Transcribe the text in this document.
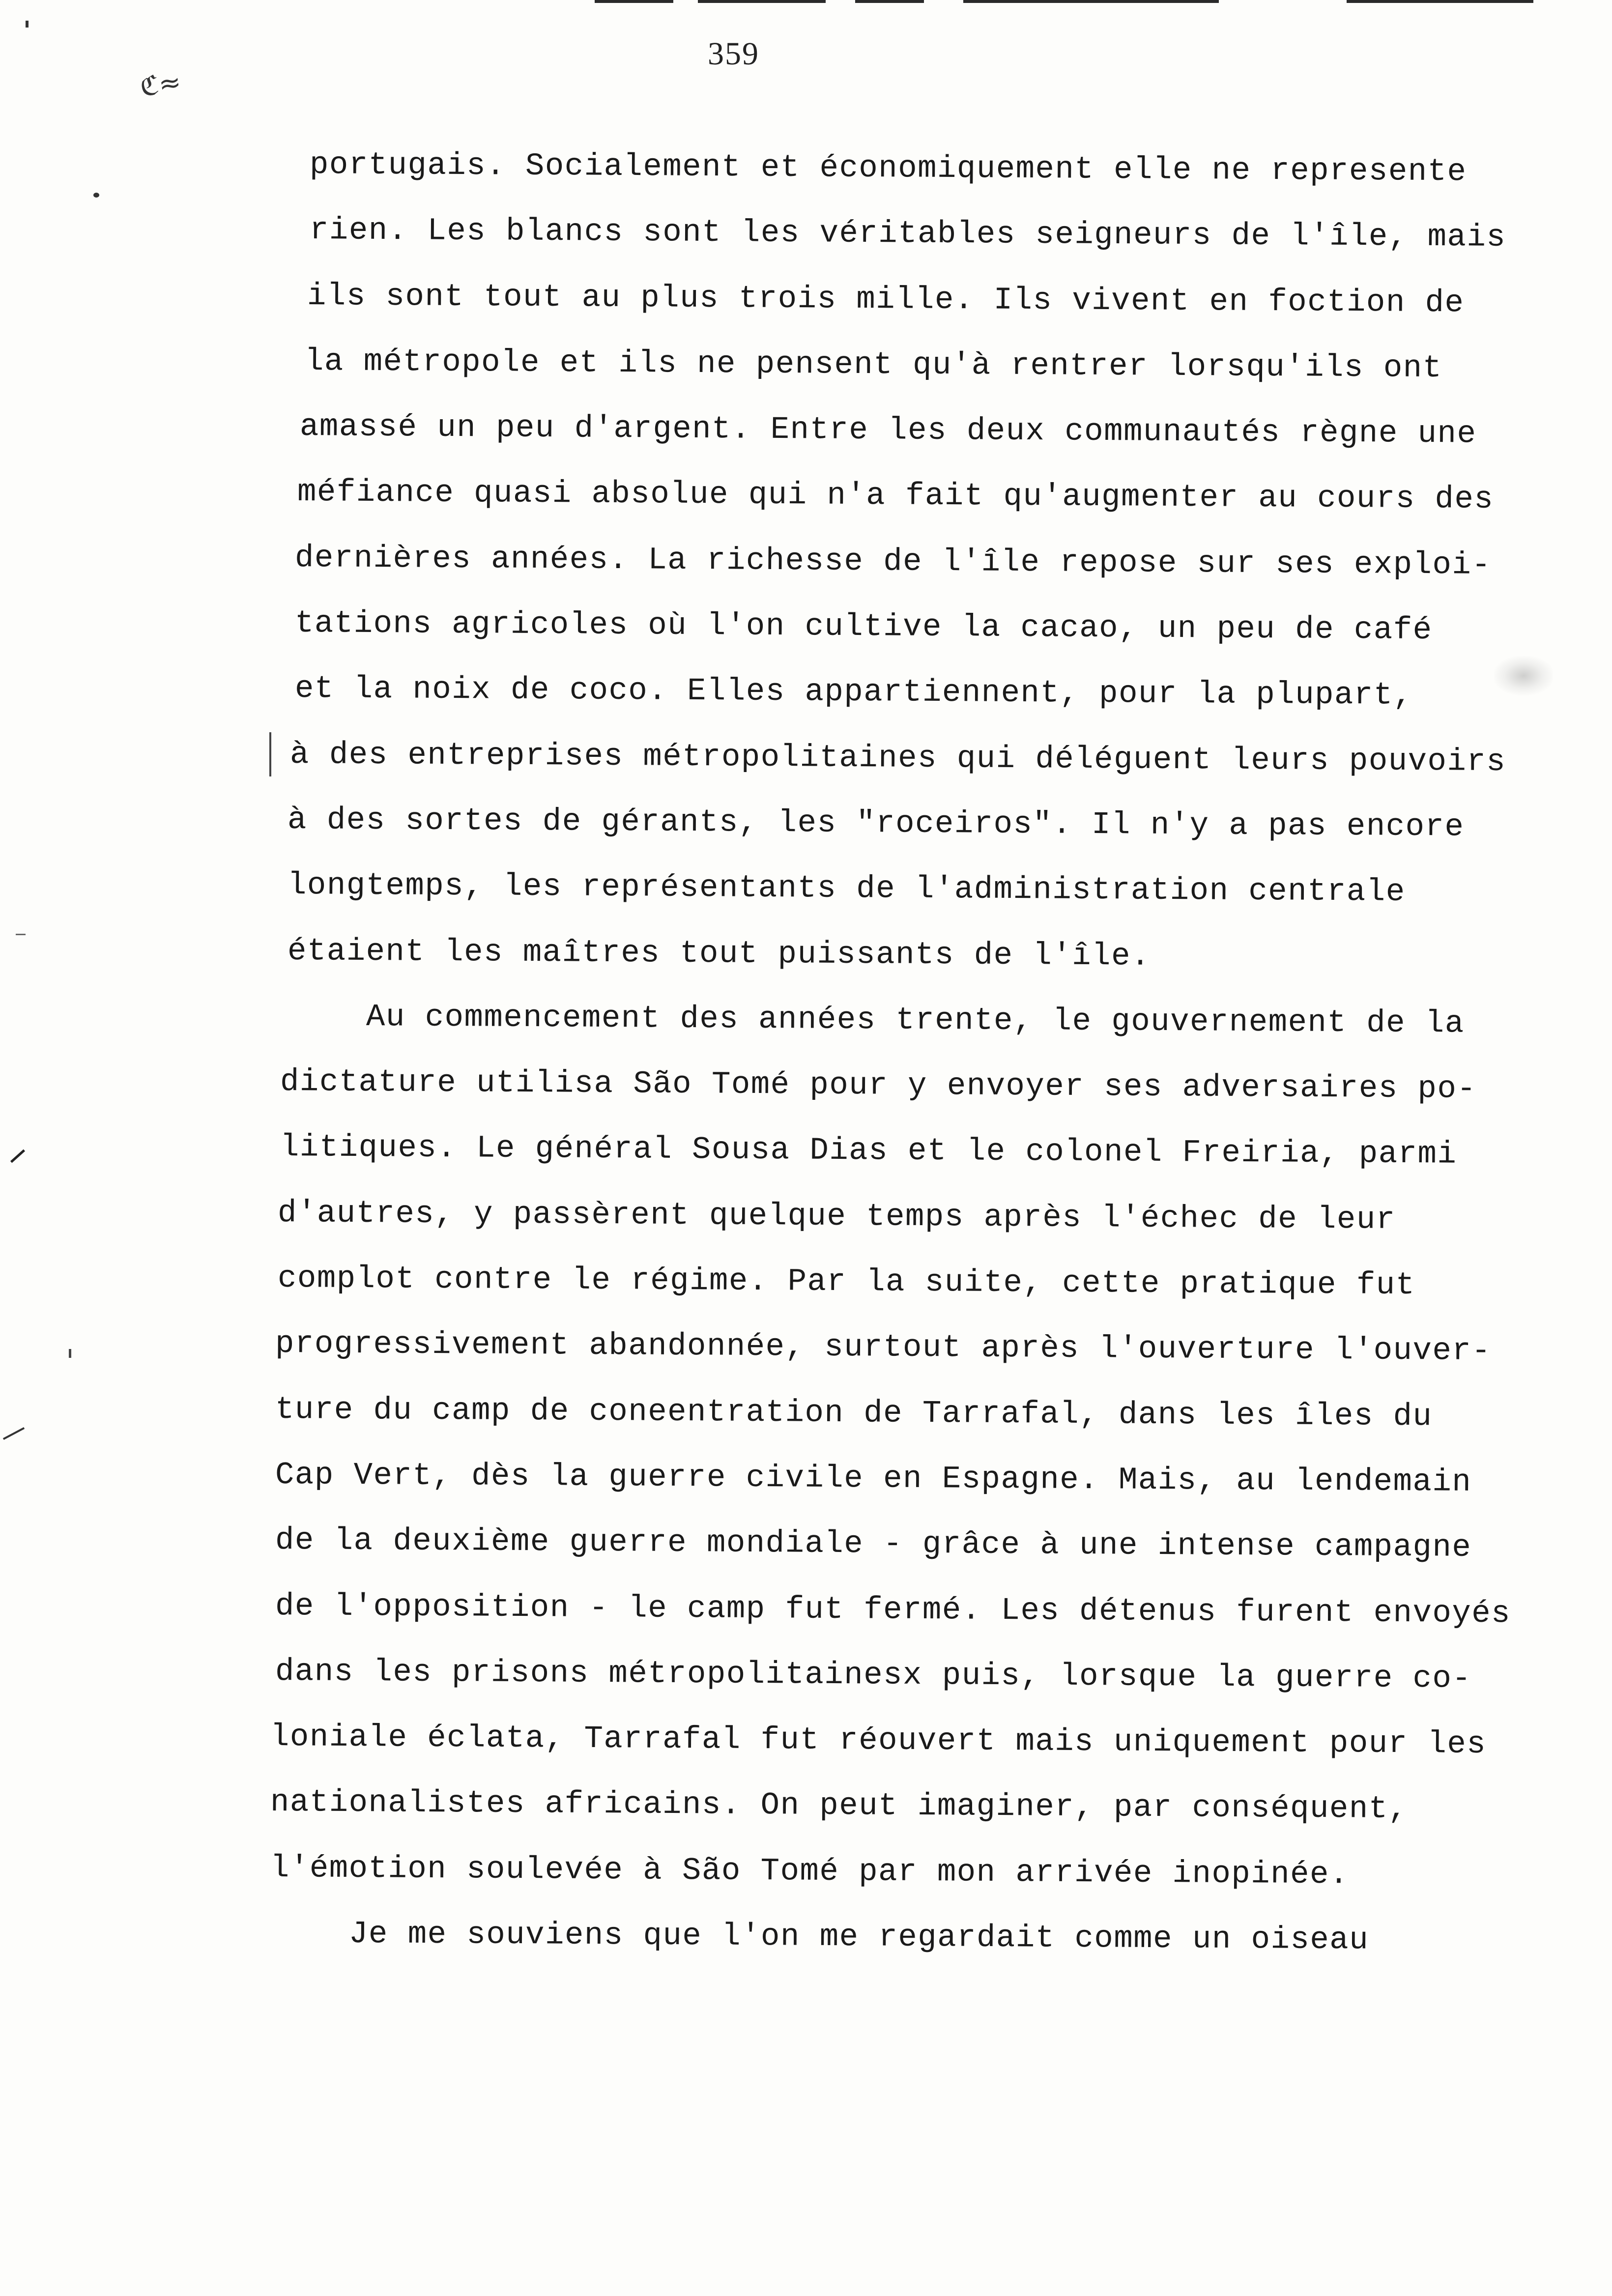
359
ℭ≈
portugais. Socialement et économiquement elle ne represente
rien. Les blancs sont les véritables seigneurs de l'île, mais
ils sont tout au plus trois mille. Ils vivent en foction de
la métropole et ils ne pensent qu'à rentrer lorsqu'ils ont
amassé un peu d'argent. Entre les deux communautés règne une
méfiance quasi absolue qui n'a fait qu'augmenter au cours des
dernières années. La richesse de l'île repose sur ses exploi-
tations agricoles où l'on cultive la cacao, un peu de café
et la noix de coco. Elles appartiennent, pour la plupart,
à des entreprises métropolitaines qui déléguent leurs pouvoirs
à des sortes de gérants, les "roceiros". Il n'y a pas encore
longtemps, les représentants de l'administration centrale
étaient les maîtres tout puissants de l'île.
Au commencement des années trente, le gouvernement de la
dictature utilisa São Tomé pour y envoyer ses adversaires po-
litiques. Le général Sousa Dias et le colonel Freiria, parmi
d'autres, y passèrent quelque temps après l'échec de leur
complot contre le régime. Par la suite, cette pratique fut
progressivement abandonnée, surtout après l'ouverture l'ouver-
ture du camp de coneentration de Tarrafal, dans les îles du
Cap Vert, dès la guerre civile en Espagne. Mais, au lendemain
de la deuxième guerre mondiale - grâce à une intense campagne
de l'opposition - le camp fut fermé. Les détenus furent envoyés
dans les prisons métropolitainesx puis, lorsque la guerre co-
loniale éclata, Tarrafal fut réouvert mais uniquement pour les
nationalistes africains. On peut imaginer, par conséquent,
l'émotion soulevée à São Tomé par mon arrivée inopinée.
Je me souviens que l'on me regardait comme un oiseau
